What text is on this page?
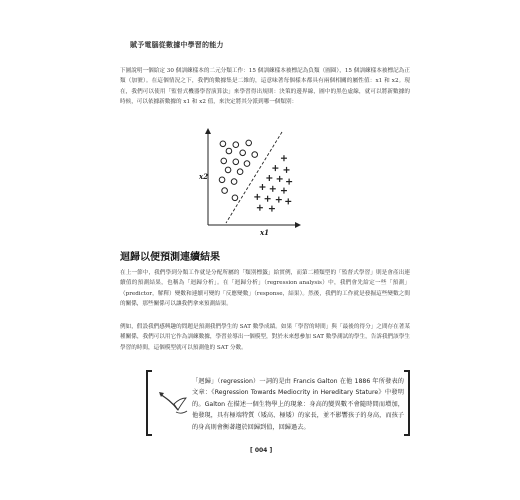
賦予電腦從數據中學習的能力

下圖說明一個給定 30 個訓練樣本的二元分類工作：15 個訓練樣本被標記為負類（圓圈），15 個訓練樣本被標記為正類（加號）。在這個情況之下，我們的數據集是二維的，這意味著每個樣本都具有兩個相關的屬性值：x1 和 x2。現在，我們可以使用「監督式機器學習演算法」來學習得出規則：決策的邊界線，圖中的黑色虛線，就可以將新數據的時候，可以依據新數據的 x1 和 x2 值，來決定將其分派到哪一個類別：

x2
x1
迴歸以便預測連續結果

在上一節中，我們學到分類工作就是分配所屬的「類別標籤」給實例，而第二種類型的「監督式學習」則是會產出連續值的預測結果，也稱為「迴歸分析」。在「迴歸分析」（regression analysis）中，我們會先給定一些「預測」（predictor，解釋）變數和連續可變的「反應變數」（response，結果）。然後，我們的工作就是發掘這些變數之間的關係，那些關係可以讓我們拿來預測結果。

例如，假設我們感興趣的問題是預測我們學生的 SAT 數學成績。如果「學習的時間」與「最後的得分」之間存在著某種關係，我們可以用它作為訓練數據，學習並導出一個模型，對於未來想參加 SAT 數學測試的學生，告訴我們該學生學習的時間，這個模型就可以預測他的 SAT 分數。

「迴歸」（regression）一詞的是由 Francis Galton 在他 1886 年所發表的文章：《Regression Towards Mediocrity in Hereditary Stature》中發明的。Galton 在描述一個生物學上的現象：身高的變異數不會隨時間而增加，他發現，具有極端特質（矮高、極矮）的家長，並不影響孩子的身高，而孩子的身高則會衡著趨於回歸到值，回歸過去。
[ 004 ]
